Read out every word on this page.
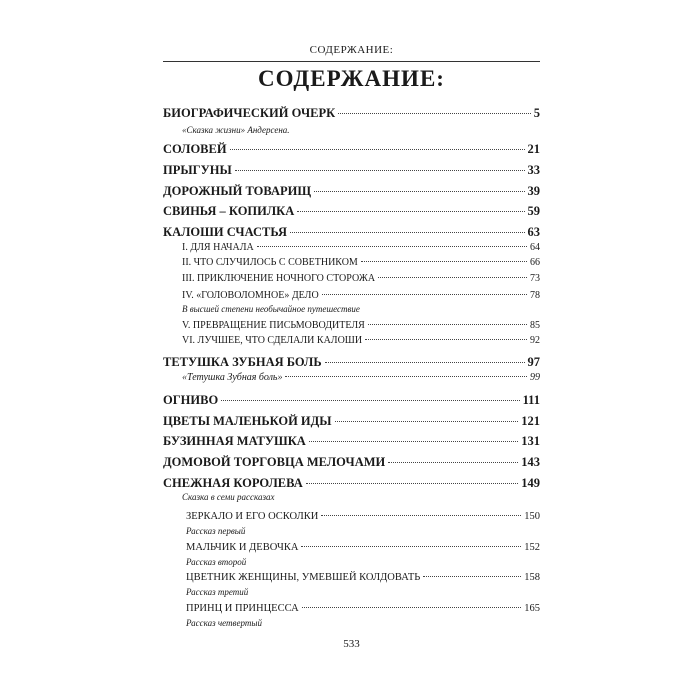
СОДЕРЖАНИЕ:
СОДЕРЖАНИЕ:
БИОГРАФИЧЕСКИЙ ОЧЕРК	5
«Сказка жизни» Андерсена.
СОЛОВЕЙ	21
ПРЫГУНЫ	33
ДОРОЖНЫЙ ТОВАРИЩ	39
СВИНЬЯ – КОПИЛКА	59
КАЛОШИ СЧАСТЬЯ	63
I. ДЛЯ НАЧАЛА	64
II. ЧТО СЛУЧИЛОСЬ С СОВЕТНИКОМ	66
III. ПРИКЛЮЧЕНИЕ НОЧНОГО СТОРОЖА	73
IV. «ГОЛОВОЛОМНОЕ» ДЕЛО	78
В высшей степени необычайное путешествие
V. ПРЕВРАЩЕНИЕ ПИСЬМОВОДИТЕЛЯ	85
VI. ЛУЧШЕЕ, ЧТО СДЕЛАЛИ КАЛОШИ	92
ТЕТУШКА ЗУБНАЯ БОЛЬ	97
«Тетушка Зубная боль»	99
ОГНИВО	111
ЦВЕТЫ МАЛЕНЬКОЙ ИДЫ	121
БУЗИННАЯ МАТУШКА	131
ДОМОВОЙ ТОРГОВЦА МЕЛОЧАМИ	143
СНЕЖНАЯ КОРОЛЕВА	149
Сказка в семи рассказах
ЗЕРКАЛО И ЕГО ОСКОЛКИ	150
Рассказ первый
МАЛЬЧИК И ДЕВОЧКА	152
Рассказ второй
ЦВЕТНИК ЖЕНЩИНЫ, УМЕВШЕЙ КОЛДОВАТЬ	158
Рассказ третий
ПРИНЦ И ПРИНЦЕССА	165
Рассказ четвертый
533
